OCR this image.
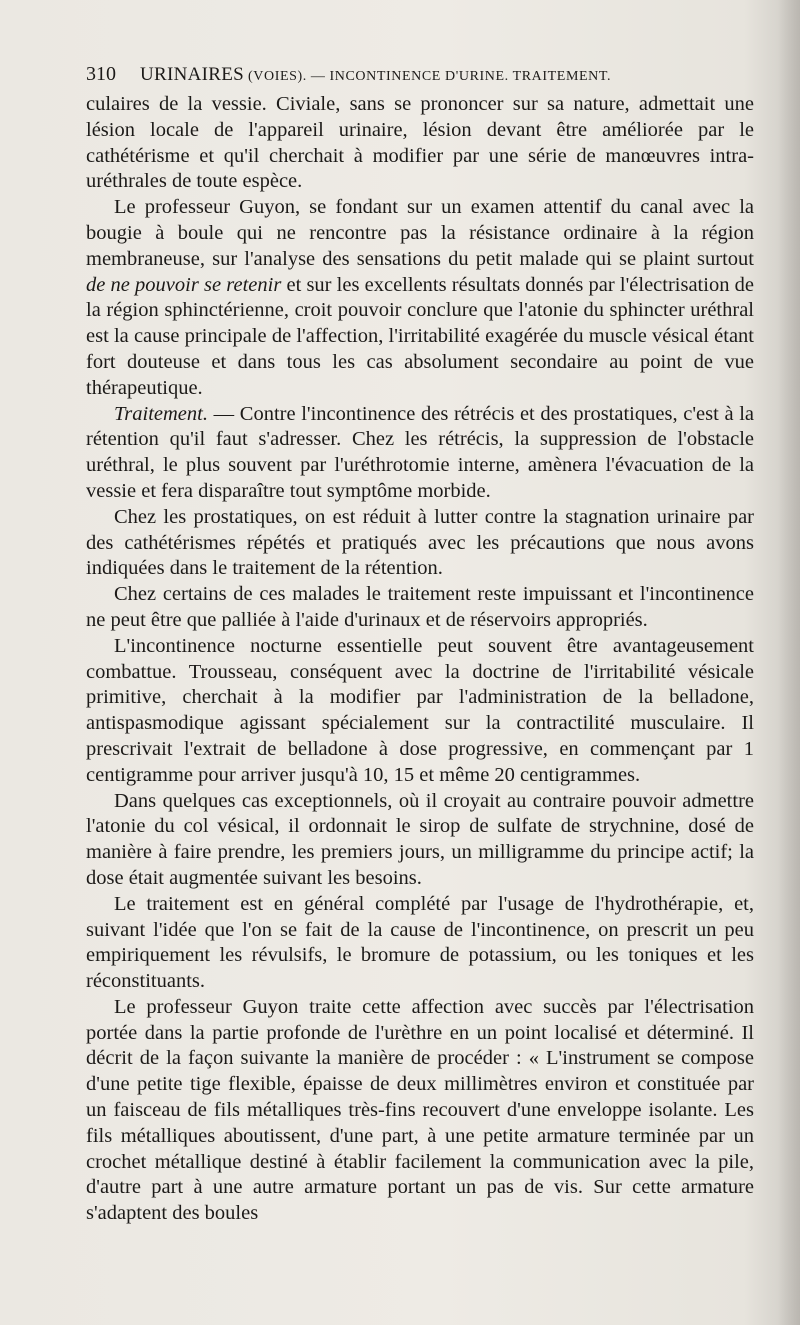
310 URINAIRES (VOIES). — INCONTINENCE D'URINE. TRAITEMENT.

culaires de la vessie. Civiale, sans se prononcer sur sa nature, admettait une lésion locale de l'appareil urinaire, lésion devant être améliorée par le cathétérisme et qu'il cherchait à modifier par une série de manœuvres intra-uréthrales de toute espèce.

Le professeur Guyon, se fondant sur un examen attentif du canal avec la bougie à boule qui ne rencontre pas la résistance ordinaire à la région membraneuse, sur l'analyse des sensations du petit malade qui se plaint surtout de ne pouvoir se retenir et sur les excellents résultats donnés par l'électrisation de la région sphinctérienne, croit pouvoir conclure que l'atonie du sphincter uréthral est la cause principale de l'affection, l'irritabilité exagérée du muscle vésical étant fort douteuse et dans tous les cas absolument secondaire au point de vue thérapeutique.

Traitement. — Contre l'incontinence des rétrécis et des prostatiques, c'est à la rétention qu'il faut s'adresser. Chez les rétrécis, la suppression de l'obstacle uréthral, le plus souvent par l'uréthrotomie interne, amènera l'évacuation de la vessie et fera disparaître tout symptôme morbide.

Chez les prostatiques, on est réduit à lutter contre la stagnation urinaire par des cathétérismes répétés et pratiqués avec les précautions que nous avons indiquées dans le traitement de la rétention.

Chez certains de ces malades le traitement reste impuissant et l'incontinence ne peut être que palliée à l'aide d'urinaux et de réservoirs appropriés.

L'incontinence nocturne essentielle peut souvent être avantageusement combattue. Trousseau, conséquent avec la doctrine de l'irritabilité vésicale primitive, cherchait à la modifier par l'administration de la belladone, antispasmodique agissant spécialement sur la contractilité musculaire. Il prescrivait l'extrait de belladone à dose progressive, en commençant par 1 centigramme pour arriver jusqu'à 10, 15 et même 20 centigrammes.

Dans quelques cas exceptionnels, où il croyait au contraire pouvoir admettre l'atonie du col vésical, il ordonnait le sirop de sulfate de strychnine, dosé de manière à faire prendre, les premiers jours, un milligramme du principe actif; la dose était augmentée suivant les besoins.

Le traitement est en général complété par l'usage de l'hydrothérapie, et, suivant l'idée que l'on se fait de la cause de l'incontinence, on prescrit un peu empiriquement les révulsifs, le bromure de potassium, ou les toniques et les réconstituants.

Le professeur Guyon traite cette affection avec succès par l'électrisation portée dans la partie profonde de l'urèthre en un point localisé et déterminé. Il décrit de la façon suivante la manière de procéder : « L'instrument se compose d'une petite tige flexible, épaisse de deux millimètres environ et constituée par un faisceau de fils métalliques très-fins recouvert d'une enveloppe isolante. Les fils métalliques aboutissent, d'une part, à une petite armature terminée par un crochet métallique destiné à établir facilement la communication avec la pile, d'autre part à une autre armature portant un pas de vis. Sur cette armature s'adaptent des boules
